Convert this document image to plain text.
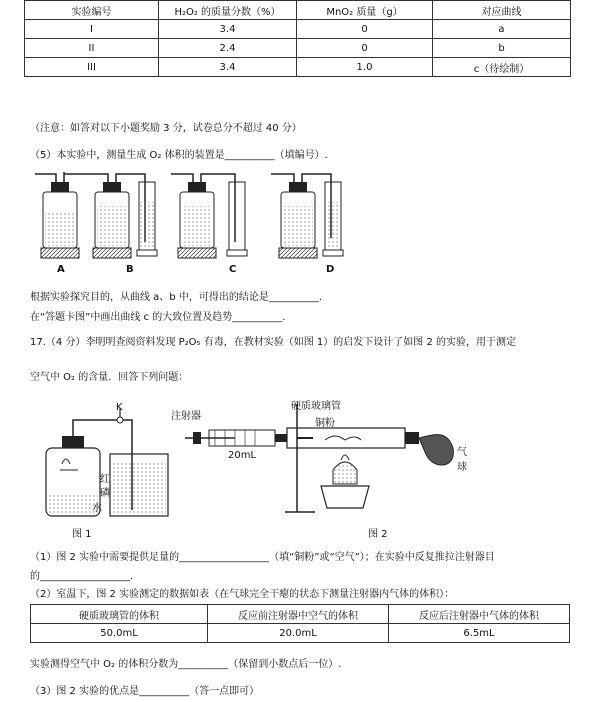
实验编号	H₂O₂ 的质量分数（%）	MnO₂ 质量（g）	对应曲线
I	3.4	0	a
II	2.4	0	b
III	3.4	1.0	c（待绘制）
（注意：如答对以下小题奖励 3 分，试卷总分不超过 40 分）
（5）本实验中，测量生成 O₂ 体积的装置是__________（填编号）.
A	B	C	D
根据实验探究目的，从曲线 a、b 中，可得出的结论是__________.
在“答题卡图”中画出曲线 c 的大致位置及趋势__________.
17.（4 分）李明明查阅资料发现 P₂O₅ 有毒，在教材实验（如图 1）的启发下设计了如图 2 的实验，用于测定
空气中 O₂ 的含量．回答下列问题：
K
红
磷
水
图 1
注射器
硬质玻璃管
铜粉
20mL	气
球
图 2
（1）图 2 实验中需要提供足量的__________________（填“铜粉”或“空气”）；在实验中反复推拉注射器目
的__________________.
（2）室温下，图 2 实验测定的数据如表（在气球完全干瘪的状态下测量注射器内气体的体积）：
硬质玻璃管的体积	反应前注射器中空气的体积	反应后注射器中气体的体积
50.0mL	20.0mL	6.5mL
实验测得空气中 O₂ 的体积分数为__________（保留到小数点后一位）.
（3）图 2 实验的优点是__________（答一点即可）
